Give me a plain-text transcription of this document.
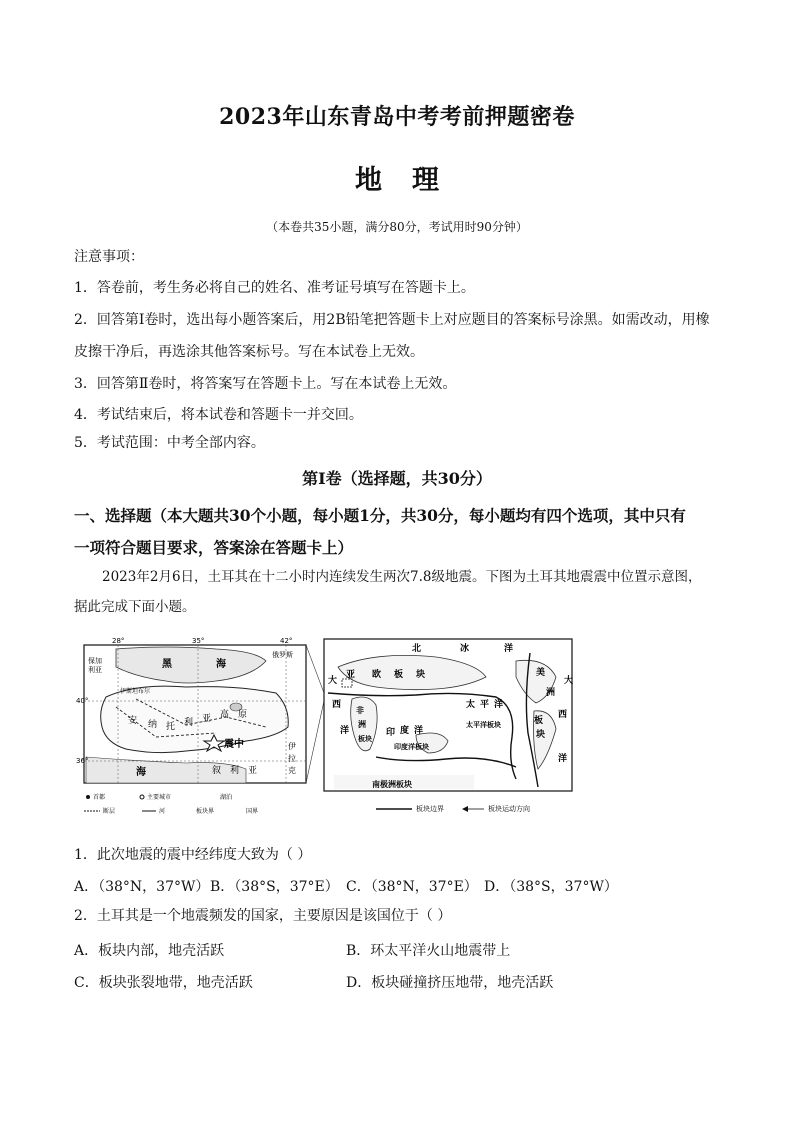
2023年山东青岛中考考前押题密卷
地理
（本卷共35小题，满分80分，考试用时90分钟）
注意事项：
1．答卷前，考生务必将自己的姓名、准考证号填写在答题卡上。
2．回答第Ⅰ卷时，选出每小题答案后，用2B铅笔把答题卡上对应题目的答案标号涂黑。如需改动，用橡
皮擦干净后，再选涂其他答案标号。写在本试卷上无效。
3．回答第Ⅱ卷时，将答案写在答题卡上。写在本试卷上无效。
4．考试结束后，将本试卷和答题卡一并交回。
5．考试范围：中考全部内容。
第Ⅰ卷（选择题，共30分）
一、选择题（本大题共30个小题，每小题1分，共30分，每小题均有四个选项，其中只有
一项符合题目要求，答案涂在答题卡上）
2023年2月6日，土耳其在十二小时内连续发生两次7.8级地震。下图为土耳其地震震中位置示意图，
据此完成下面小题。
28°	35°	42°
40°
36°
保加
利亚	黑	海
俄罗斯
伊斯坦布尔
安 纳 托 利 亚 高 原
震中
海	叙 利 亚
伊
拉
克
首都	主要城市	湖泊
断层	河	板块界	国界
北	冰	洋
大
亚 欧 板 块	美
洲
大
太 平 洋
太平洋板块
西
非
洲
板块
洋	印 度 洋
印度洋板块
板
块
西
洋
南极洲板块
板块边界	板块运动方向
1．此次地震的震中经纬度大致为（ ）
A．（38°N，37°W） B．（38°S，37°E） C．（38°N，37°E） D．（38°S，37°W）
2．土耳其是一个地震频发的国家，主要原因是该国位于（ ）
A．板块内部，地壳活跃	B．环太平洋火山地震带上
C．板块张裂地带，地壳活跃	D．板块碰撞挤压地带，地壳活跃
